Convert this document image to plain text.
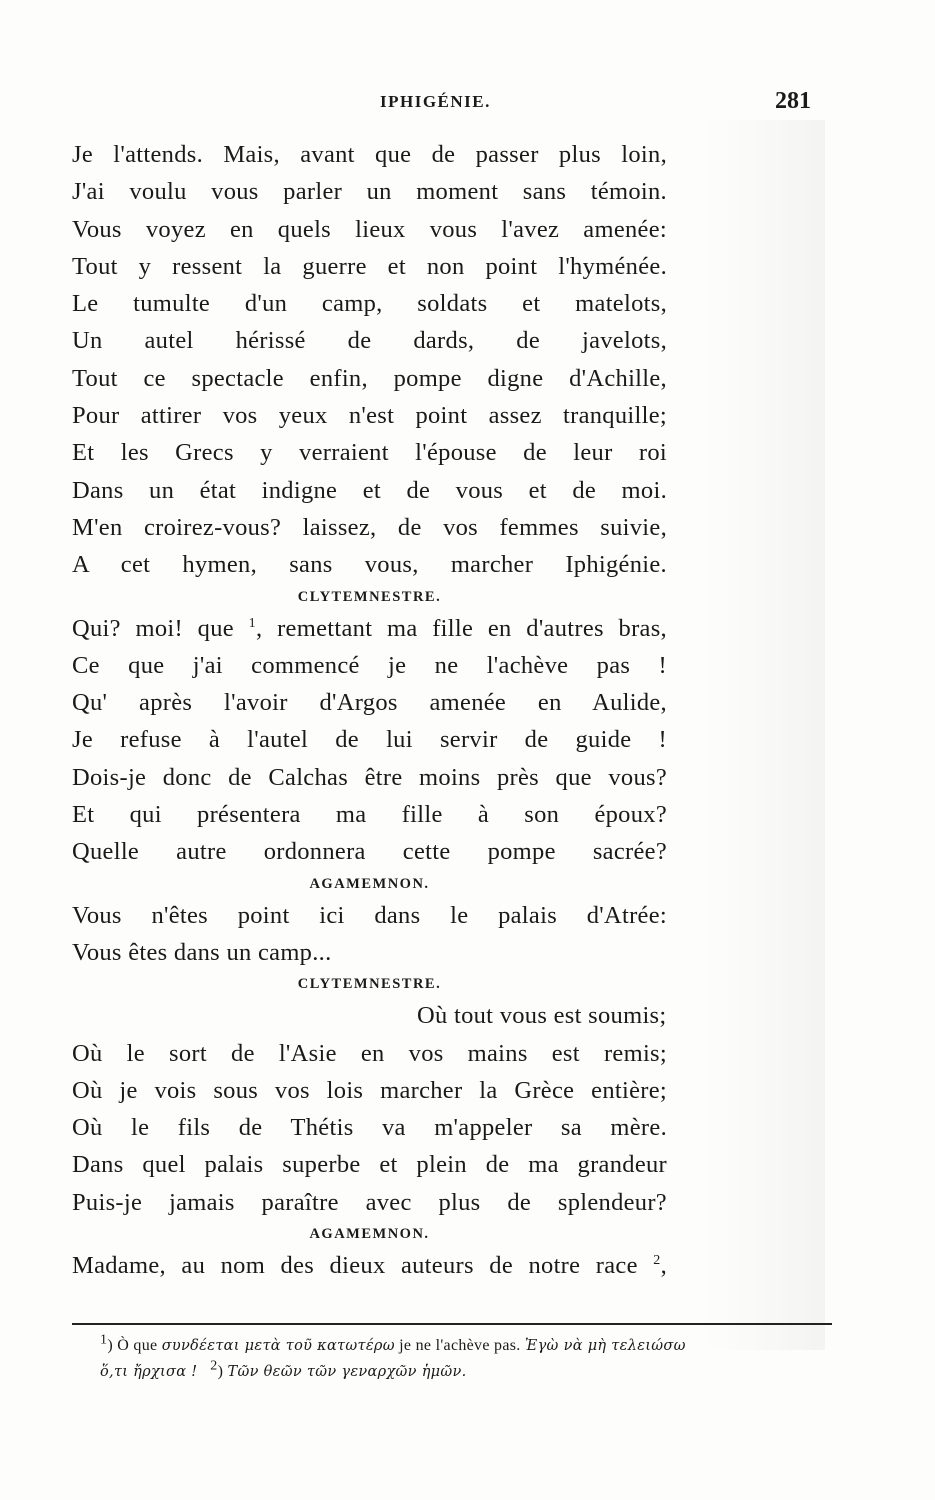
IPHIGÉNIE.	281
Je l'attends. Mais, avant que de passer plus loin,
J'ai voulu vous parler un moment sans témoin.
Vous voyez en quels lieux vous l'avez amenée:
Tout y ressent la guerre et non point l'hyménée.
Le tumulte d'un camp, soldats et matelots,
Un autel hérissé de dards, de javelots,
Tout ce spectacle enfin, pompe digne d'Achille,
Pour attirer vos yeux n'est point assez tranquille;
Et les Grecs y verraient l'épouse de leur roi
Dans un état indigne et de vous et de moi.
M'en croirez-vous? laissez, de vos femmes suivie,
A cet hymen, sans vous, marcher Iphigénie.
CLYTEMNESTRE.
Qui? moi! que $^1$, remettant ma fille en d'autres bras,
Ce que j'ai commencé je ne l'achève pas !
Qu' après l'avoir d'Argos amenée en Aulide,
Je refuse à l'autel de lui servir de guide !
Dois-je donc de Calchas être moins près que vous?
Et qui présentera ma fille à son époux?
Quelle autre ordonnera cette pompe sacrée?
AGAMEMNON.
Vous n'êtes point ici dans le palais d'Atrée:
Vous êtes dans un camp...
CLYTEMNESTRE.
Où tout vous est soumis;
Où le sort de l'Asie en vos mains est remis;
Où je vois sous vos lois marcher la Grèce entière;
Où le fils de Thétis va m'appeler sa mère.
Dans quel palais superbe et plein de ma grandeur
Puis-je jamais paraître avec plus de splendeur?
AGAMEMNON.
Madame, au nom des dieux auteurs de notre race $^2$,
$^1$) Ò que συνδέεται μετὰ τοῦ κατωτέρω je ne l'achève pas. Ἐγὼ νὰ μὴ τελειώσω
ὅ,τι ἤρχισα ! $^2$) Τῶν θεῶν τῶν γεναρχῶν ἡμῶν.
